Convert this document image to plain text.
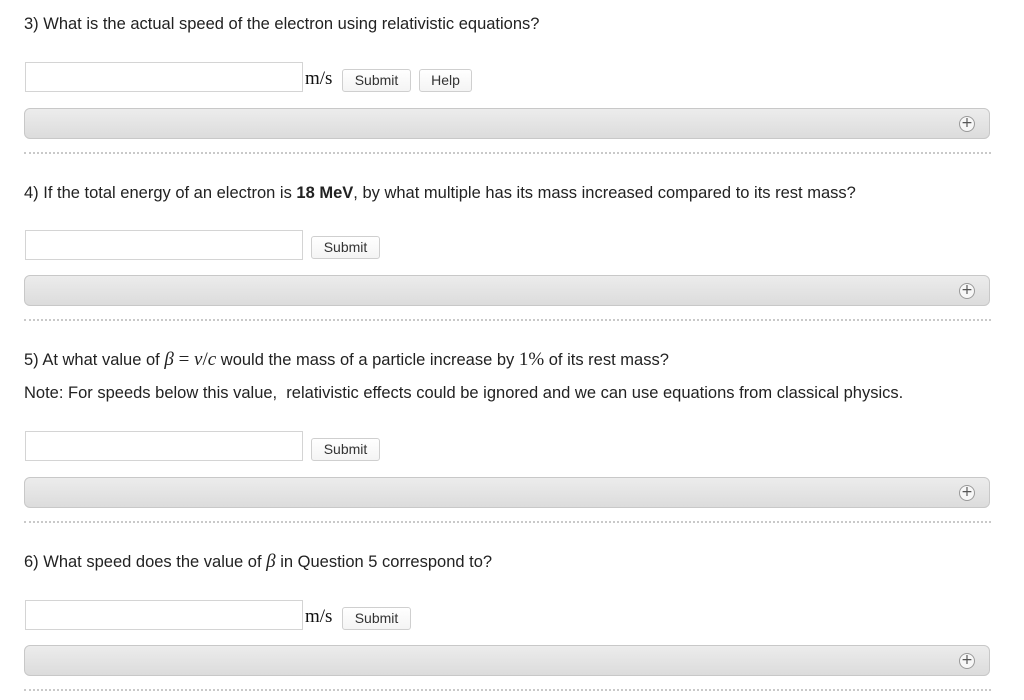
3) What is the actual speed of the electron using relativistic equations?
m/s	Submit	Help
+
4) If the total energy of an electron is 18 MeV, by what multiple has its mass increased compared to its rest mass?
Submit
+
5) At what value of β = v/c would the mass of a particle increase by 1% of its rest mass?
Note: For speeds below this value,  relativistic effects could be ignored and we can use equations from classical physics.
Submit
+
6) What speed does the value of β in Question 5 correspond to?
m/s	Submit
+
